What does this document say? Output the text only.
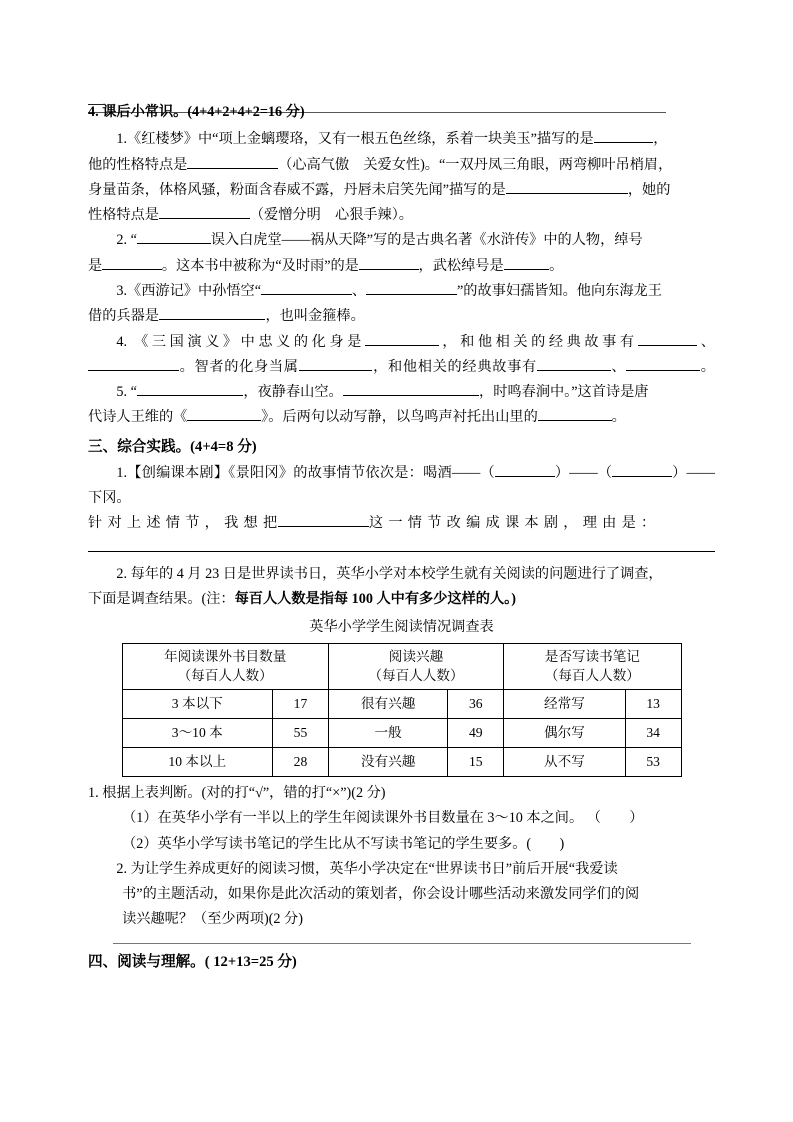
4. 课后小常识。(4+4+2+4+2=16 分)

1.《红楼梦》中“项上金螭璎珞，又有一根五色丝绦，系着一块美玉”描写的是	，

他的性格特点是	（心高气傲　关爱女性)。“一双丹凤三角眼，两弯柳叶吊梢眉，

身量苗条，体格风骚，粉面含春威不露，丹唇未启笑先闻”描写的是	，她的

性格特点是	（爱憎分明　心狠手辣）。

2. “	误入白虎堂——祸从天降”写的是古典名著《水浒传》中的人物，绰号

是	。这本书中被称为“及时雨”的是	，武松绰号是	。

3.《西游记》中孙悟空“	、	”的故事妇孺皆知。他向东海龙王

借的兵器是	，也叫金箍棒。

4. 《三国演义》中忠义的化身是	，和他相关的经典故事有	、

。智者的化身当属	，和他相关的经典故事有	、	。

5. “	，夜静春山空。	，时鸣春涧中。”这首诗是唐

代诗人王维的《	》。后两句以动写静，以鸟鸣声衬托出山里的	。

三、综合实践。(4+4=8 分)

1.【创编课本剧】《景阳冈》的故事情节依次是：喝酒——（	）——（	）——下冈。

针 对 上 述 情 节 ， 我 想 把	这 一 情 节 改 编 成 课 本 剧 ， 理 由 是 ：

2. 每年的 4 月 23 日是世界读书日，英华小学对本校学生就有关阅读的问题进行了调查，

下面是调查结果。(注：每百人人数是指每 100 人中有多少这样的人。)

英华小学学生阅读情况调查表

年阅读课外书目数量
（每百人人数）

阅读兴趣
（每百人人数）

是否写读书笔记
（每百人人数）

3 本以下	17	很有兴趣	36	经常写	13
3～10 本	55	一般	49	偶尔写	34
10 本以上	28	没有兴趣	15	从不写	53

1. 根据上表判断。(对的打“√”，错的打“×”)(2 分)

（1）在英华小学有一半以上的学生年阅读课外书目数量在 3～10 本之间。 （　　）

（2）英华小学写读书笔记的学生比从不写读书笔记的学生要多。(　　)

2. 为让学生养成更好的阅读习惯，英华小学决定在“世界读书日”前后开展“我爱读

书”的主题活动，如果你是此次活动的策划者，你会设计哪些活动来激发同学们的阅

读兴趣呢？（至少两项)(2 分)

四、阅读与理解。( 12+13=25 分)
